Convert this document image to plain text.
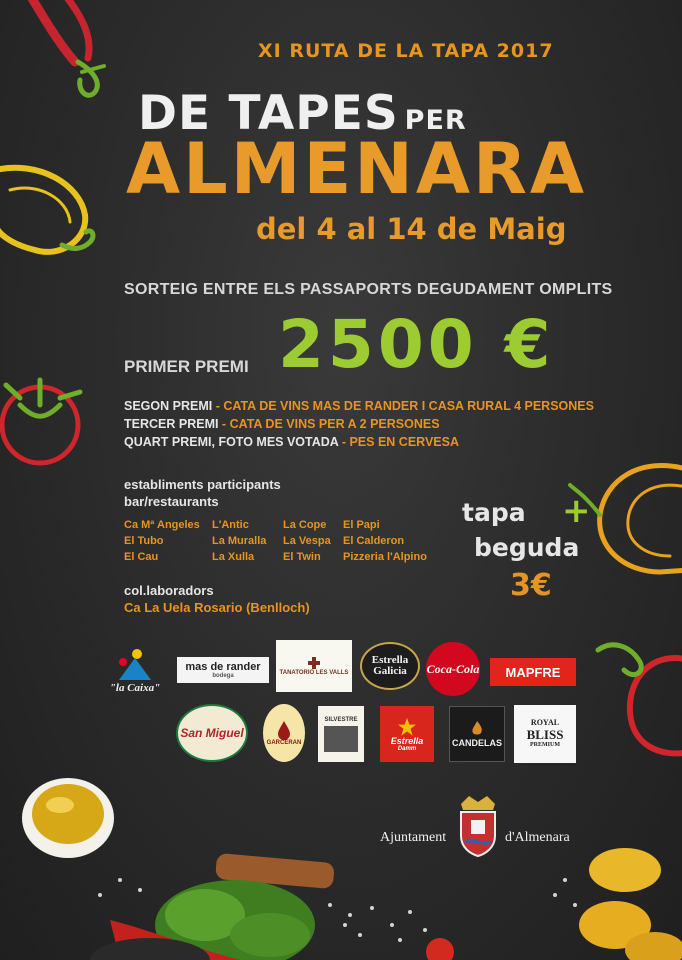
XI RUTA DE LA TAPA 2017
DE TAPES PER
ALMENARA
del 4 al 14 de Maig
SORTEIG ENTRE ELS PASSAPORTS DEGUDAMENT OMPLITS
PRIMER PREMI 2500 €
SEGON PREMI - CATA DE VINS MAS DE RANDER I CASA RURAL 4 PERSONES
TERCER PREMI - CATA DE VINS PER A 2 PERSONES
QUART PREMI, FOTO MES VOTADA - PES EN CERVESA
establiments participants
bar/restaurants
Ca Mª Angeles
El Tubo
El Cau
L'Antic
La Muralla
La Xulla
La Cope
La Vespa
El Twin
El Papi
El Calderon
Pizzeria l'Alpino
tapa +
beguda
3€
col.laboradors
Ca La Uela Rosario (Benlloch)
"la Caixa"
mas de rander
bodega	TANATORIO LES VALLS
Estrella
Galicia Coca-Cola MAPFRE
San Miguel
GARCERAN
SILVESTRE
Estrella
Damm
CANDELAS
ROYAL
BLISS
PREMIUM
Ajuntament	d'Almenara
